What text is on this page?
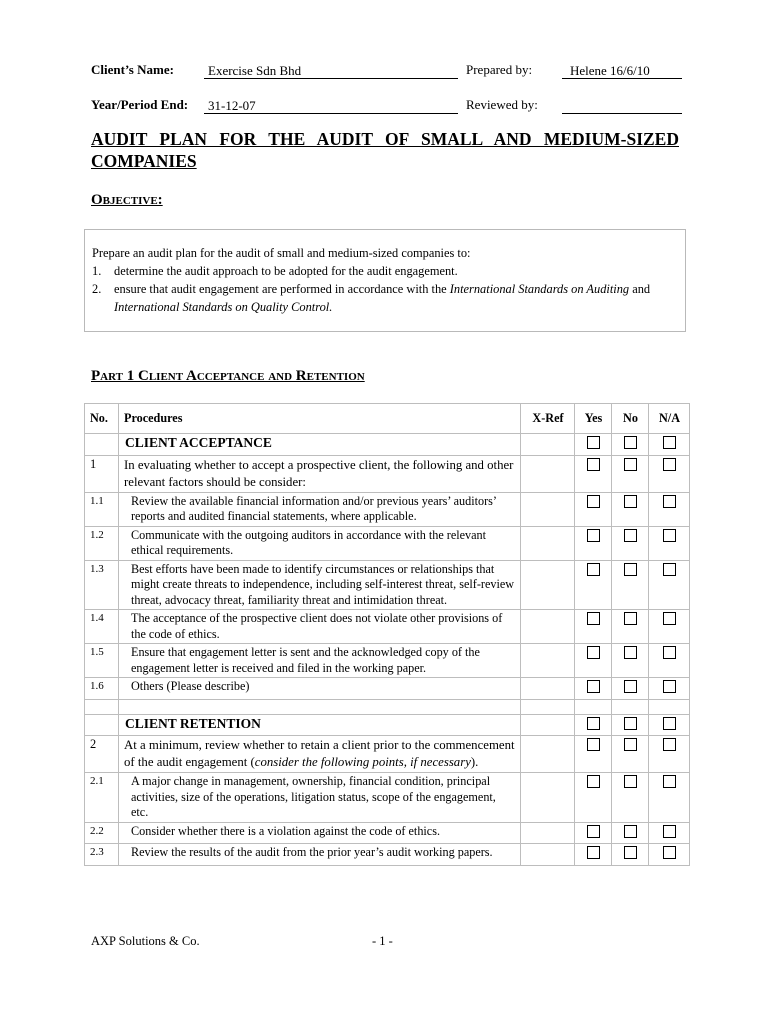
Client’s Name:	Exercise Sdn Bhd	Prepared by:	Helene 16/6/10
Year/Period End:	31-12-07	Reviewed by:
AUDIT PLAN FOR THE AUDIT OF SMALL AND MEDIUM-SIZED COMPANIES
Objective:
Prepare an audit plan for the audit of small and medium-sized companies to:
1.	determine the audit approach to be adopted for the audit engagement.
2.	ensure that audit engagement are performed in accordance with the International Standards on Auditing and International Standards on Quality Control.
Part 1 Client Acceptance and Retention
No.	Procedures	X-Ref	Yes	No	N/A
	CLIENT ACCEPTANCE				
1	In evaluating whether to accept a prospective client, the following and other relevant factors should be consider:				
1.1	Review the available financial information and/or previous years’ auditors’ reports and audited financial statements, where applicable.				
1.2	Communicate with the outgoing auditors in accordance with the relevant ethical requirements.				
1.3	Best efforts have been made to identify circumstances or relationships that might create threats to independence, including self-interest threat, self-review threat, advocacy threat, familiarity threat and intimidation threat.				
1.4	The acceptance of the prospective client does not violate other provisions of the code of ethics.				
1.5	Ensure that engagement letter is sent and the acknowledged copy of the engagement letter is received and filed in the working paper.				
1.6	Others (Please describe)				

	CLIENT RETENTION				
2	At a minimum, review whether to retain a client prior to the commencement of the audit engagement (consider the following points, if necessary).				
2.1	A major change in management, ownership, financial condition, principal activities, size of the operations, litigation status, scope of the engagement, etc.				
2.2	Consider whether there is a violation against the code of ethics.				
2.3	Review the results of the audit from the prior year’s audit working papers.				
AXP Solutions & Co.	- 1 -
